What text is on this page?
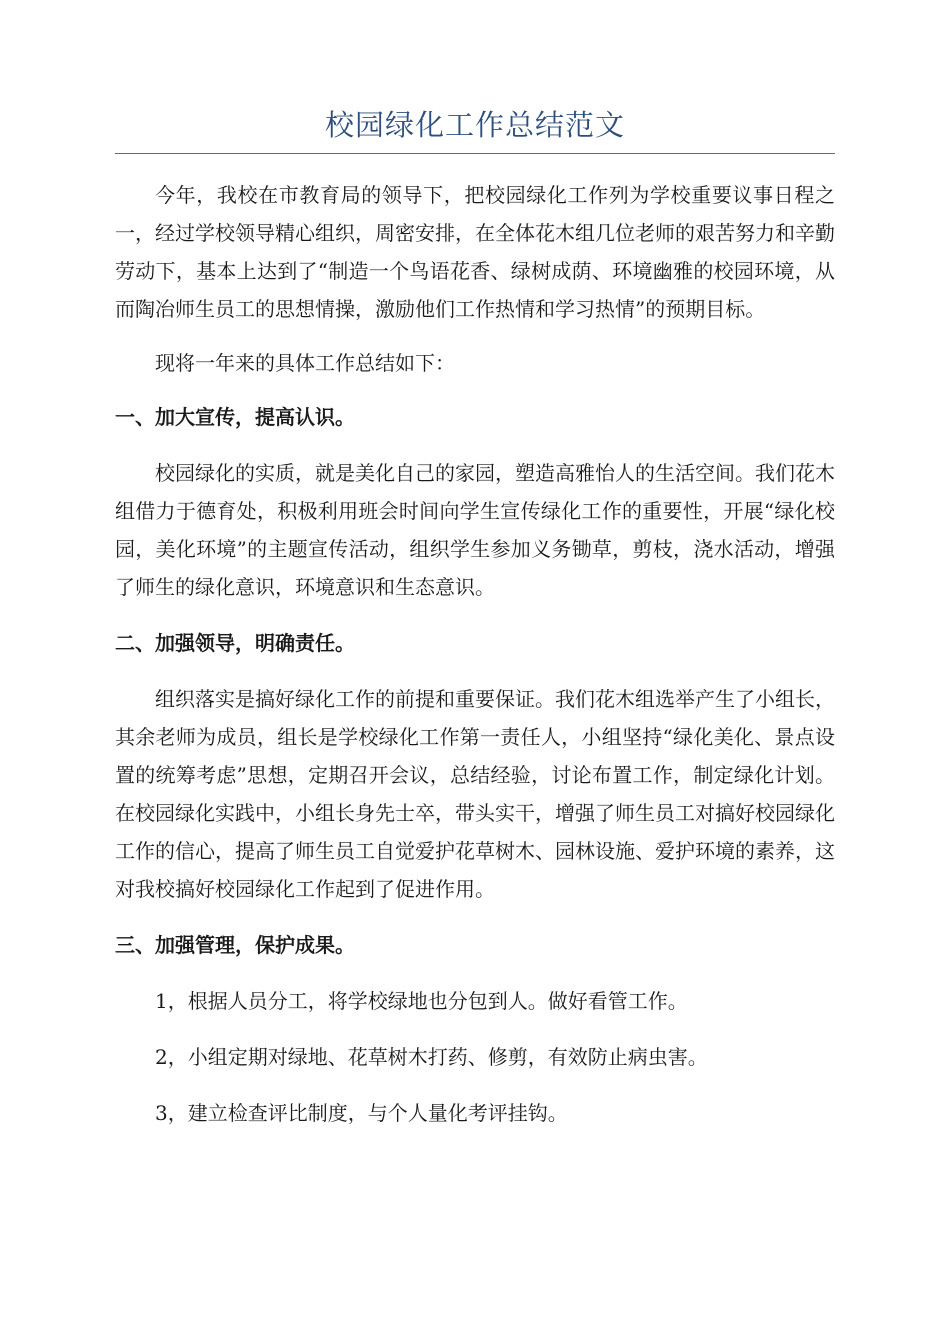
校园绿化工作总结范文

今年，我校在市教育局的领导下，把校园绿化工作列为学校重要议事日程之一，经过学校领导精心组织，周密安排，在全体花木组几位老师的艰苦努力和辛勤劳动下，基本上达到了“制造一个鸟语花香、绿树成荫、环境幽雅的校园环境，从而陶冶师生员工的思想情操，激励他们工作热情和学习热情”的预期目标。

现将一年来的具体工作总结如下：

一、加大宣传，提高认识。

校园绿化的实质，就是美化自己的家园，塑造高雅怡人的生活空间。我们花木组借力于德育处，积极利用班会时间向学生宣传绿化工作的重要性，开展“绿化校园，美化环境”的主题宣传活动，组织学生参加义务锄草，剪枝，浇水活动，增强了师生的绿化意识，环境意识和生态意识。

二、加强领导，明确责任。

组织落实是搞好绿化工作的前提和重要保证。我们花木组选举产生了小组长，其余老师为成员，组长是学校绿化工作第一责任人，小组坚持“绿化美化、景点设置的统筹考虑”思想，定期召开会议，总结经验，讨论布置工作，制定绿化计划。在校园绿化实践中，小组长身先士卒，带头实干，增强了师生员工对搞好校园绿化工作的信心，提高了师生员工自觉爱护花草树木、园林设施、爱护环境的素养，这对我校搞好校园绿化工作起到了促进作用。

三、加强管理，保护成果。

1，根据人员分工，将学校绿地也分包到人。做好看管工作。

2，小组定期对绿地、花草树木打药、修剪，有效防止病虫害。

3，建立检查评比制度，与个人量化考评挂钩。
